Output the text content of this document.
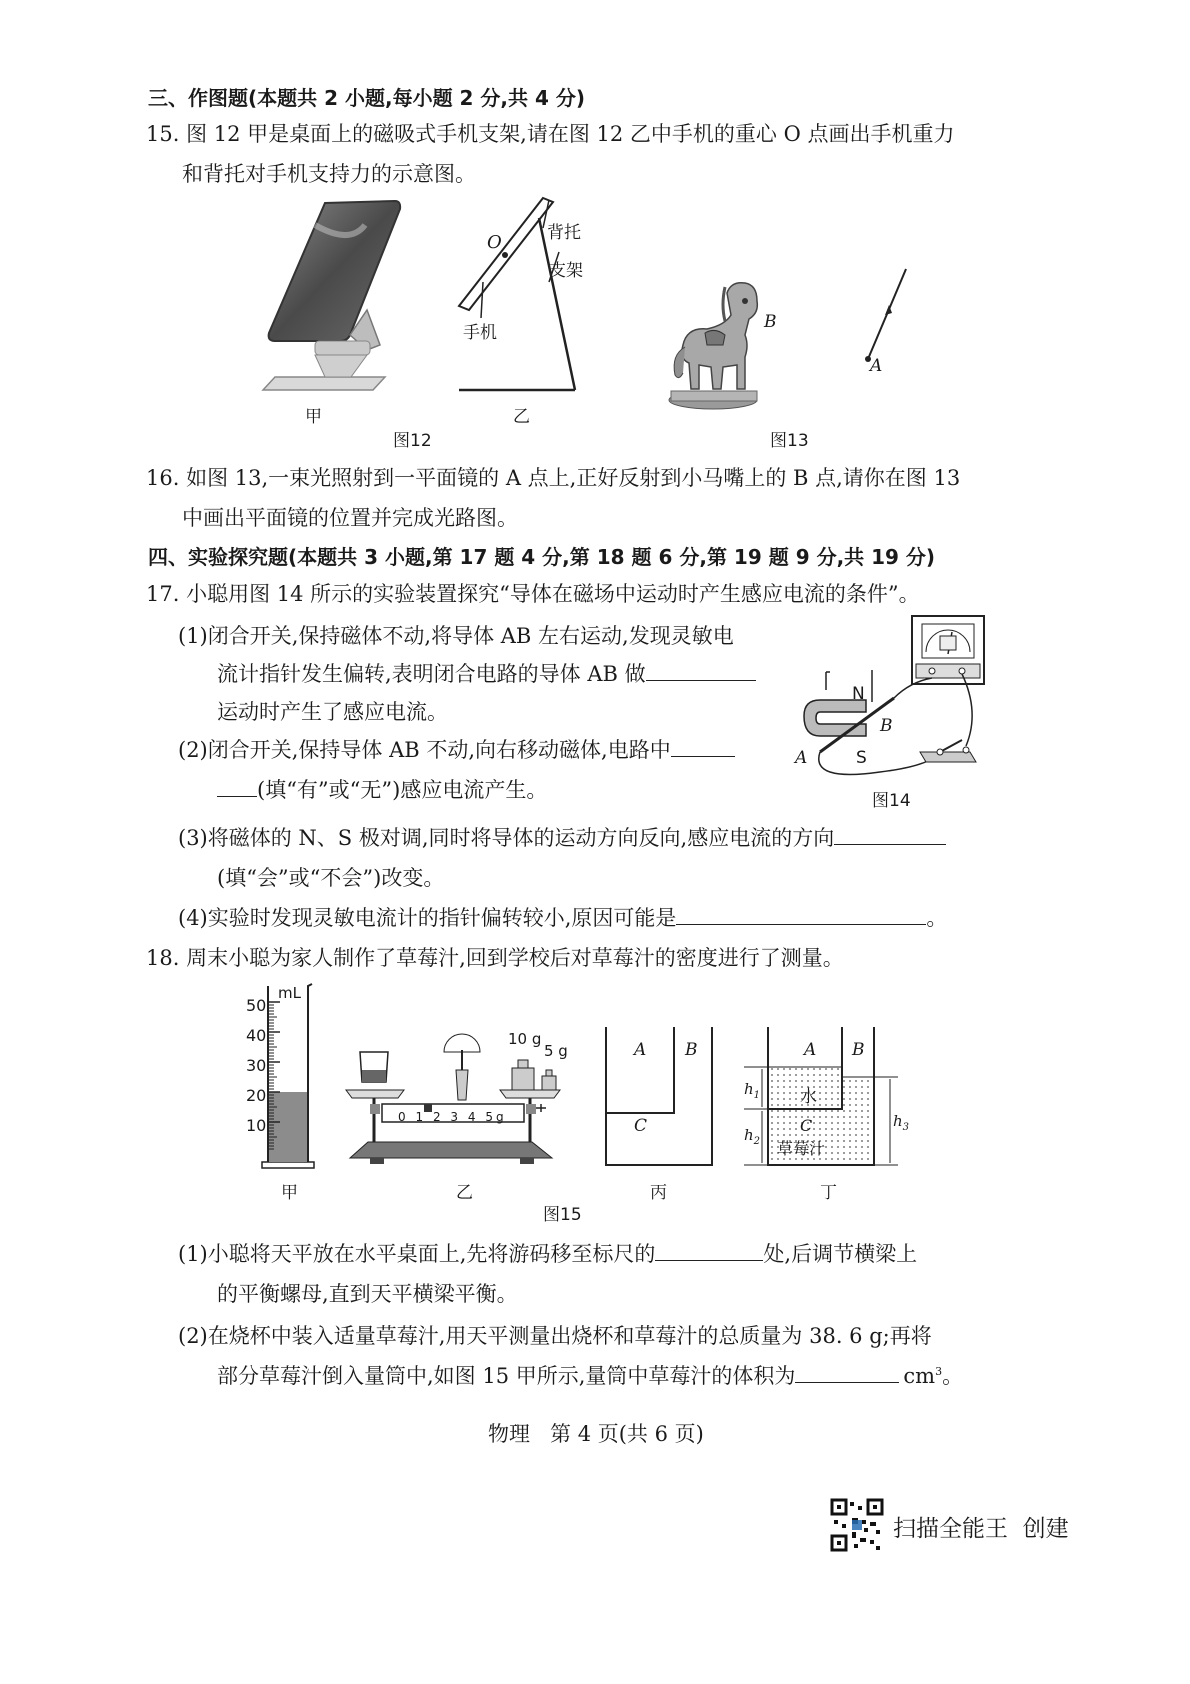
三、作图题(本题共 2 小题,每小题 2 分,共 4 分)
15. 图 12 甲是桌面上的磁吸式手机支架,请在图 12 乙中手机的重心 O 点画出手机重力
和背托对手机支持力的示意图。
甲
O	背托
支架
手机
乙
图12
B
A
图13
16. 如图 13,一束光照射到一平面镜的 A 点上,正好反射到小马嘴上的 B 点,请你在图 13
中画出平面镜的位置并完成光路图。
四、实验探究题(本题共 3 小题,第 17 题 4 分,第 18 题 6 分,第 19 题 9 分,共 19 分)
17. 小聪用图 14 所示的实验装置探究“导体在磁场中运动时产生感应电流的条件”。
(1)闭合开关,保持磁体不动,将导体 AB 左右运动,发现灵敏电
流计指针发生偏转,表明闭合电路的导体 AB 做
运动时产生了感应电流。
(2)闭合开关,保持导体 AB 不动,向右移动磁体,电路中
(填“有”或“无”)感应电流产生。
N
B
A	S
图14
(3)将磁体的 N、S 极对调,同时将导体的运动方向反向,感应电流的方向
(填“会”或“不会”)改变。
(4)实验时发现灵敏电流计的指针偏转较小,原因可能是	。
18. 周末小聪为家人制作了草莓汁,回到学校后对草莓汁的密度进行了测量。
mL
50
40
30
20
10
甲
10 g
5 g
0 1 2 3 4 5g
乙
A B
C
丙
A B
水
C
草莓汁
$h_1$
$h_2$
$h_3$
丁
图15
(1)小聪将天平放在水平桌面上,先将游码移至标尺的	处,后调节横梁上
的平衡螺母,直到天平横梁平衡。
(2)在烧杯中装入适量草莓汁,用天平测量出烧杯和草莓汁的总质量为 38. 6 g;再将
部分草莓汁倒入量筒中,如图 15 甲所示,量筒中草莓汁的体积为	$cm^3$。
物理   第 4 页(共 6 页)
扫描全能王  创建
